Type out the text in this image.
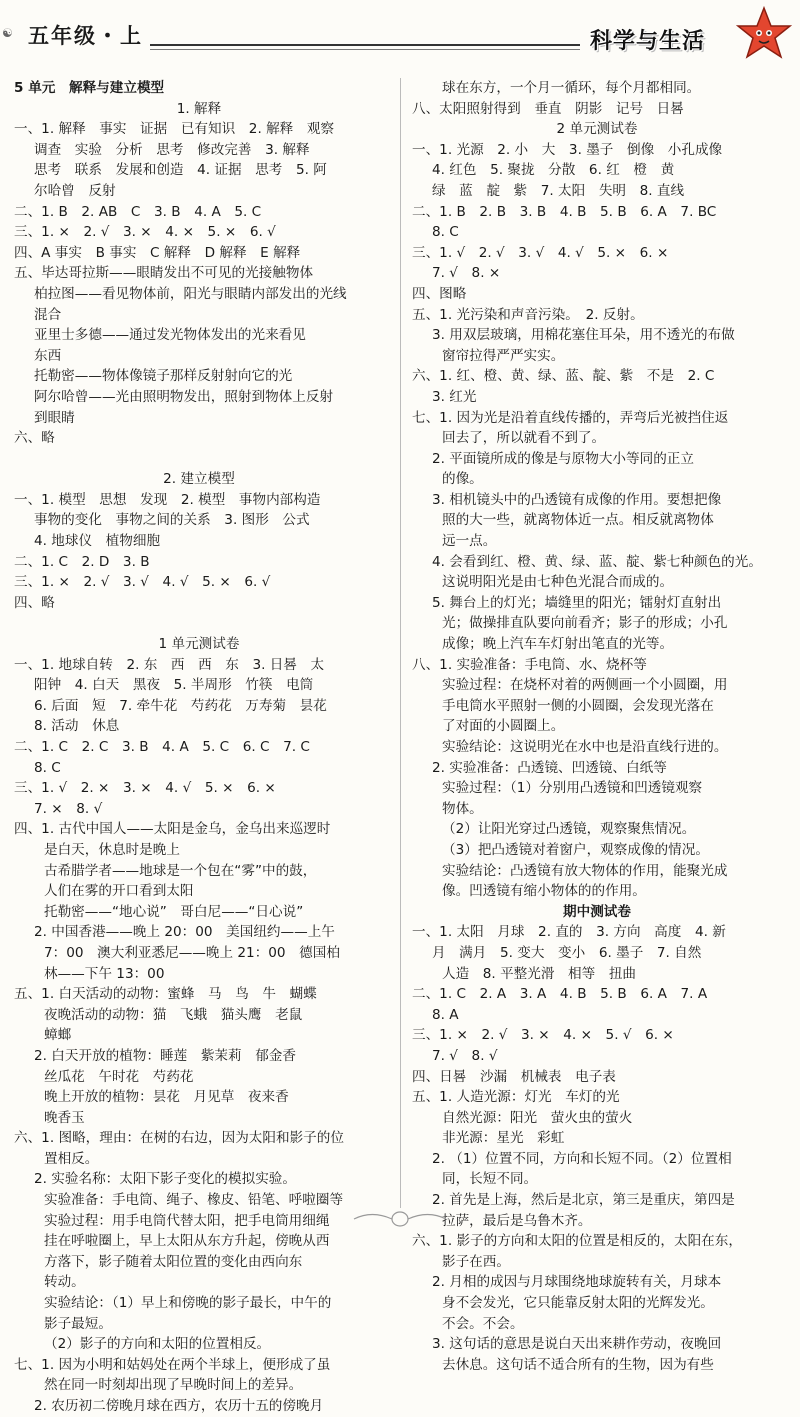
☯ 五年级・上	科学与生活
5 单元　解释与建立模型
1. 解释
一、1. 解释　事实　证据　已有知识　2. 解释　观察
调查　实验　分析　思考　修改完善　3. 解释
思考　联系　发展和创造　4. 证据　思考　5. 阿
尔哈曾　反射
二、1. B　2. AB　C　3. B　4. A　5. C
三、1. ×　2. √　3. ×　4. ×　5. ×　6. √
四、A 事实　B 事实　C 解释　D 解释　E 解释
五、毕达哥拉斯——眼睛发出不可见的光接触物体
柏拉图——看见物体前，阳光与眼睛内部发出的光线
混合
亚里士多德——通过发光物体发出的光来看见
东西
托勒密——物体像镜子那样反射射向它的光
阿尔哈曾——光由照明物发出，照射到物体上反射
到眼睛
六、略
2. 建立模型
一、1. 模型　思想　发现　2. 模型　事物内部构造
事物的变化　事物之间的关系　3. 图形　公式
4. 地球仪　植物细胞
二、1. C　2. D　3. B
三、1. ×　2. √　3. √　4. √　5. ×　6. √
四、略
1 单元测试卷
一、1. 地球自转　2. 东　西　西　东　3. 日晷　太
阳钟　4. 白天　黑夜　5. 半周形　竹筷　电筒
6. 后面　短　7. 牵牛花　芍药花　万寿菊　昙花
8. 活动　休息
二、1. C　2. C　3. B　4. A　5. C　6. C　7. C
8. C
三、1. √　2. ×　3. ×　4. √　5. ×　6. ×
7. ×　8. √
四、1. 古代中国人——太阳是金乌，金乌出来巡逻时
是白天，休息时是晚上
古希腊学者——地球是一个包在“雾”中的鼓，
人们在雾的开口看到太阳
托勒密——“地心说”　哥白尼——“日心说”
2. 中国香港——晚上 20：00　美国纽约——上午
7：00　澳大利亚悉尼——晚上 21：00　德国柏
林——下午 13：00
五、1. 白天活动的动物：蜜蜂　马　鸟　牛　蝴蝶
夜晚活动的动物：猫　飞蛾　猫头鹰　老鼠
蟑螂
2. 白天开放的植物：睡莲　紫茉莉　郁金香
丝瓜花　午时花　芍药花
晚上开放的植物：昙花　月见草　夜来香
晚香玉
六、1. 图略，理由：在树的右边，因为太阳和影子的位
置相反。
2. 实验名称：太阳下影子变化的模拟实验。
实验准备：手电筒、绳子、橡皮、铅笔、呼啦圈等
实验过程：用手电筒代替太阳，把手电筒用细绳
挂在呼啦圈上，早上太阳从东方升起，傍晚从西
方落下，影子随着太阳位置的变化由西向东
转动。
实验结论：（1）早上和傍晚的影子最长，中午的
影子最短。
（2）影子的方向和太阳的位置相反。
七、1. 因为小明和姑妈处在两个半球上，便形成了虽
然在同一时刻却出现了早晚时间上的差异。
2. 农历初二傍晚月球在西方，农历十五的傍晚月
球在东方，一个月一循环，每个月都相同。
八、太阳照射得到　垂直　阴影　记号　日晷
2 单元测试卷
一、1. 光源　2. 小　大　3. 墨子　倒像　小孔成像
4. 红色　5. 聚拢　分散　6. 红　橙　黄
绿　蓝　靛　紫　7. 太阳　失明　8. 直线
二、1. B　2. B　3. B　4. B　5. B　6. A　7. BC
8. C
三、1. √　2. √　3. √　4. √　5. ×　6. ×
7. √　8. ×
四、图略
五、1. 光污染和声音污染。　2. 反射。
3. 用双层玻璃，用棉花塞住耳朵，用不透光的布做
窗帘拉得严严实实。
六、1. 红、橙、黄、绿、蓝、靛、紫　不是　2. C
3. 红光
七、1. 因为光是沿着直线传播的，弄弯后光被挡住返
回去了，所以就看不到了。
2. 平面镜所成的像是与原物大小等同的正立
的像。
3. 相机镜头中的凸透镜有成像的作用。要想把像
照的大一些，就离物体近一点。相反就离物体
远一点。
4. 会看到红、橙、黄、绿、蓝、靛、紫七种颜色的光。
这说明阳光是由七种色光混合而成的。
5. 舞台上的灯光；墙缝里的阳光；镭射灯直射出
光；做操排直队要向前看齐；影子的形成；小孔
成像；晚上汽车车灯射出笔直的光等。
八、1. 实验准备：手电筒、水、烧杯等
实验过程：在烧杯对着的两侧画一个小圆圈，用
手电筒水平照射一侧的小圆圈，会发现光落在
了对面的小圆圈上。
实验结论：这说明光在水中也是沿直线行进的。
2. 实验准备：凸透镜、凹透镜、白纸等
实验过程：（1）分别用凸透镜和凹透镜观察
物体。
（2）让阳光穿过凸透镜，观察聚焦情况。
（3）把凸透镜对着窗户，观察成像的情况。
实验结论：凸透镜有放大物体的作用，能聚光成
像。凹透镜有缩小物体的的作用。
期中测试卷
一、1. 太阳　月球　2. 直的　3. 方向　高度　4. 新
月　满月　5. 变大　变小　6. 墨子　7. 自然
人造　8. 平整光滑　相等　扭曲
二、1. C　2. A　3. A　4. B　5. B　6. A　7. A
8. A
三、1. ×　2. √　3. ×　4. ×　5. √　6. ×
7. √　8. √
四、日晷　沙漏　机械表　电子表
五、1. 人造光源：灯光　车灯的光
自然光源：阳光　萤火虫的萤火
非光源：星光　彩虹
2. （1）位置不同，方向和长短不同。（2）位置相
同，长短不同。
2. 首先是上海，然后是北京，第三是重庆，第四是
拉萨，最后是乌鲁木齐。
六、1. 影子的方向和太阳的位置是相反的，太阳在东，
影子在西。
2. 月相的成因与月球围绕地球旋转有关，月球本
身不会发光，它只能靠反射太阳的光辉发光。
不会。不会。
3. 这句话的意思是说白天出来耕作劳动，夜晚回
去休息。这句话不适合所有的生物，因为有些
